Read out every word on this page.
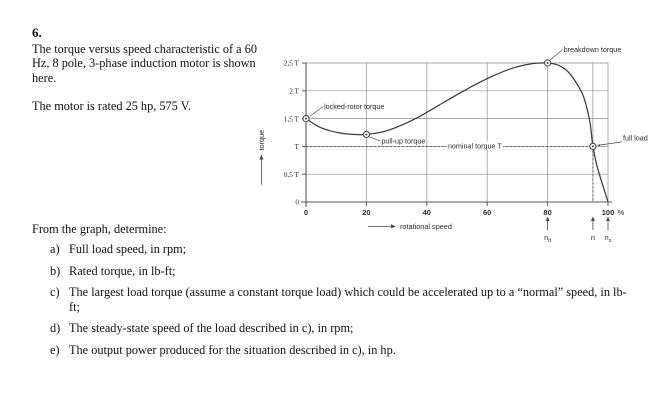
6.
The torque versus speed characteristic of a 60 Hz, 8 pole, 3-phase induction motor is shown here.
The motor is rated 25 hp, 575 V.
From the graph, determine:
a) Full load speed, in rpm;
b) Rated torque, in lb-ft;
c) The largest load torque (assume a constant torque load) which could be accelerated up to a “normal” speed, in lb-ft;
d) The steady-state speed of the load described in c), in rpm;
e) The output power produced for the situation described in c), in hp.
0
0,5 T
T
1,5 T
2 T
2,5 T
0	20	40	60	80	100 %
locked-rotor torque
pull-up torque
breakdown torque
full load
nominal torque T
rotational speed
torque
$n_d$	n $n_s$
